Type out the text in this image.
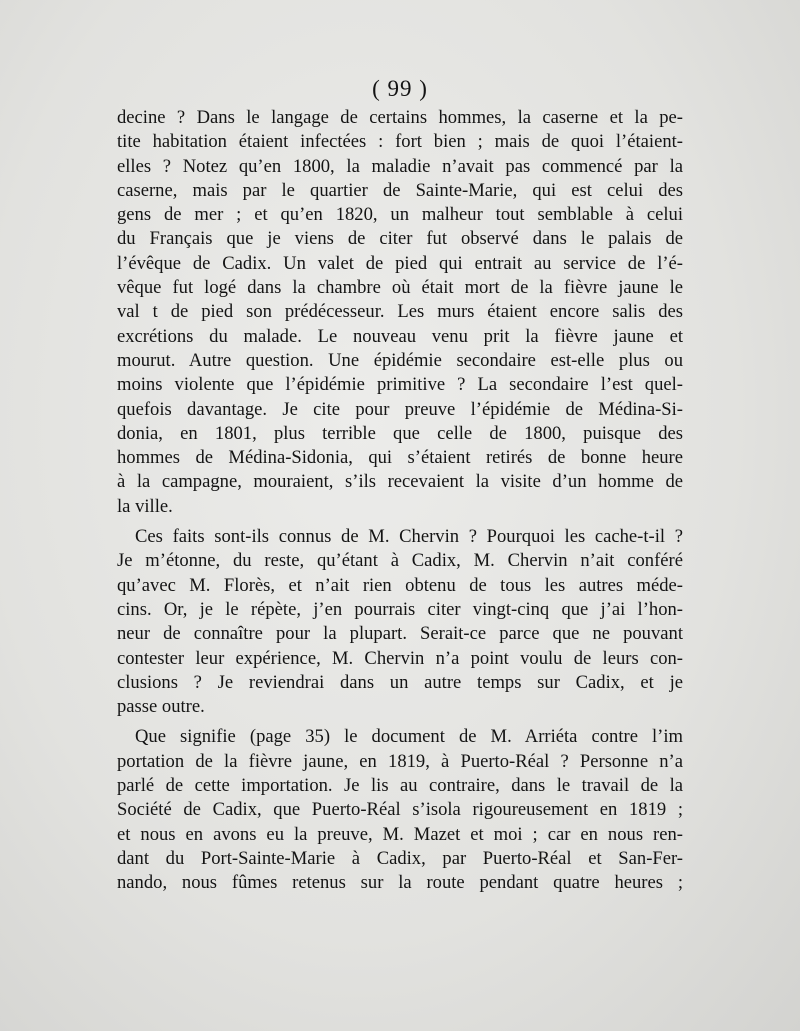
( 99 )
decine ? Dans le langage de certains hommes, la caserne et la pe-
tite habitation étaient infectées : fort bien ; mais de quoi l’étaient-
elles ? Notez qu’en 1800, la maladie n’avait pas commencé par la
caserne, mais par le quartier de Sainte-Marie, qui est celui des
gens de mer ; et qu’en 1820, un malheur tout semblable à celui
du Français que je viens de citer fut observé dans le palais de
l’évêque de Cadix. Un valet de pied qui entrait au service de l’é-
vêque fut logé dans la chambre où était mort de la fièvre jaune le
val t de pied son prédécesseur. Les murs étaient encore salis des
excrétions du malade. Le nouveau venu prit la fièvre jaune et
mourut. Autre question. Une épidémie secondaire est-elle plus ou
moins violente que l’épidémie primitive ? La secondaire l’est quel-
quefois davantage. Je cite pour preuve l’épidémie de Médina-Si-
donia, en 1801, plus terrible que celle de 1800, puisque des
hommes de Médina-Sidonia, qui s’étaient retirés de bonne heure
à la campagne, mouraient, s’ils recevaient la visite d’un homme de
la ville.
Ces faits sont-ils connus de M. Chervin ? Pourquoi les cache-t-il ?
Je m’étonne, du reste, qu’étant à Cadix, M. Chervin n’ait conféré
qu’avec M. Florès, et n’ait rien obtenu de tous les autres méde-
cins. Or, je le répète, j’en pourrais citer vingt-cinq que j’ai l’hon-
neur de connaître pour la plupart. Serait-ce parce que ne pouvant
contester leur expérience, M. Chervin n’a point voulu de leurs con-
clusions ? Je reviendrai dans un autre temps sur Cadix, et je
passe outre.
Que signifie (page 35) le document de M. Arriéta contre l’im
portation de la fièvre jaune, en 1819, à Puerto-Réal ? Personne n’a
parlé de cette importation. Je lis au contraire, dans le travail de la
Société de Cadix, que Puerto-Réal s’isola rigoureusement en 1819 ;
et nous en avons eu la preuve, M. Mazet et moi ; car en nous ren-
dant du Port-Sainte-Marie à Cadix, par Puerto-Réal et San-Fer-
nando, nous fûmes retenus sur la route pendant quatre heures ;
